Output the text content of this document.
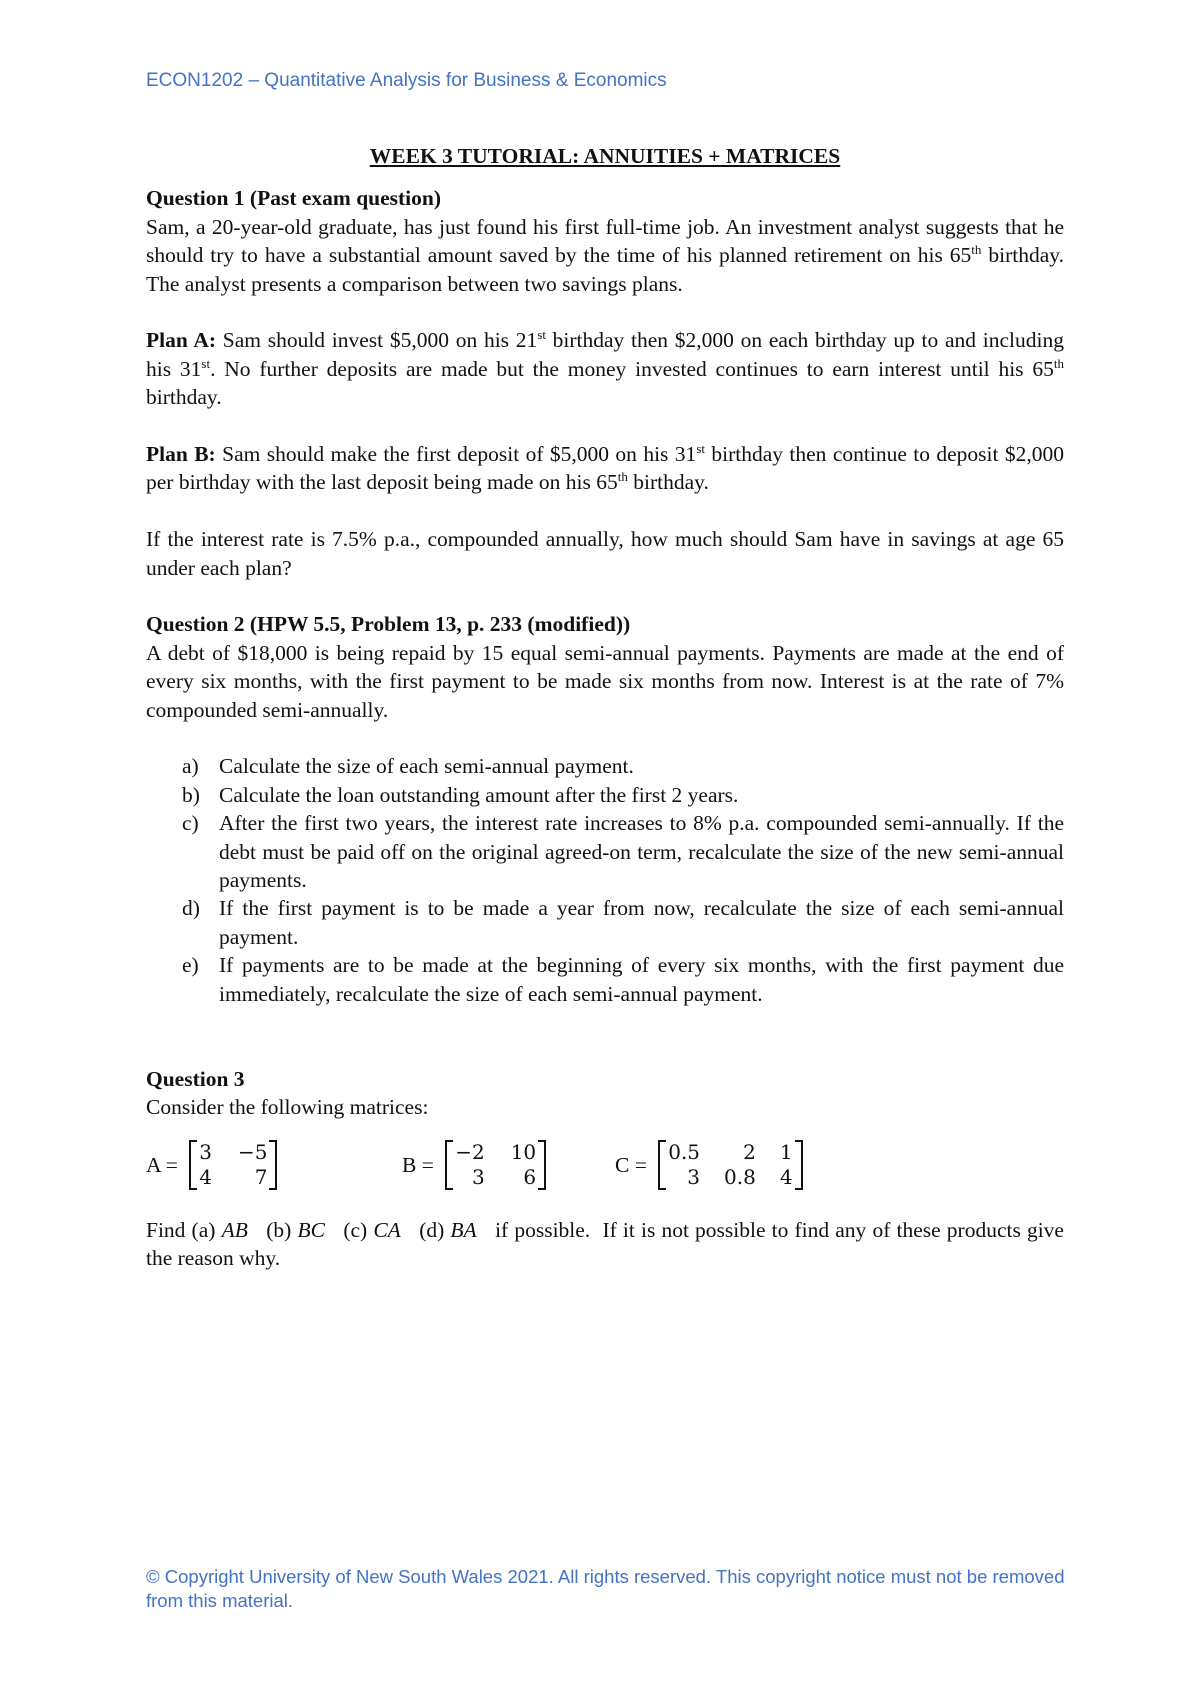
ECON1202 – Quantitative Analysis for Business & Economics

WEEK 3 TUTORIAL: ANNUITIES + MATRICES

Question 1 (Past exam question)

Sam, a 20-year-old graduate, has just found his first full-time job. An investment analyst suggests that he should try to have a substantial amount saved by the time of his planned retirement on his 65th birthday. The analyst presents a comparison between two savings plans.

Plan A: Sam should invest $5,000 on his 21st birthday then $2,000 on each birthday up to and including his 31st. No further deposits are made but the money invested continues to earn interest until his 65th birthday.

Plan B: Sam should make the first deposit of $5,000 on his 31st birthday then continue to deposit $2,000 per birthday with the last deposit being made on his 65th birthday.

If the interest rate is 7.5% p.a., compounded annually, how much should Sam have in savings at age 65 under each plan?

Question 2 (HPW 5.5, Problem 13, p. 233 (modified))

A debt of $18,000 is being repaid by 15 equal semi-annual payments. Payments are made at the end of every six months, with the first payment to be made six months from now. Interest is at the rate of 7% compounded semi-annually.

a) Calculate the size of each semi-annual payment.
b) Calculate the loan outstanding amount after the first 2 years.
c) After the first two years, the interest rate increases to 8% p.a. compounded semi-annually. If the debt must be paid off on the original agreed-on term, recalculate the size of the new semi-annual payments.
d) If the first payment is to be made a year from now, recalculate the size of each semi-annual payment.
e) If payments are to be made at the beginning of every six months, with the first payment due immediately, recalculate the size of each semi-annual payment.

Question 3

Consider the following matrices:

A =
3 −5
4	7
B =
−2 10
3	6
C =
0.5	2 1
3 0.8 4

Find (a) AB   (b) BC   (c) CA   (d) BA   if possible.  If it is not possible to find any of these products give the reason why.

© Copyright University of New South Wales 2021. All rights reserved. This copyright notice must not be removed from this material.
